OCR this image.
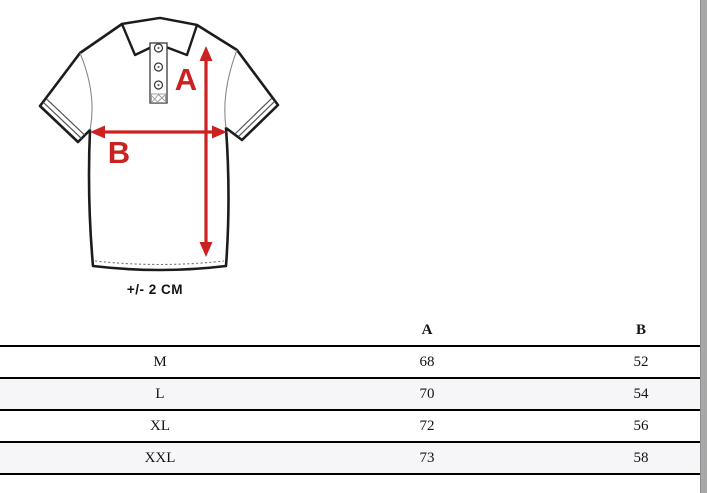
A
B
+/- 2 CM
	A	B
M	68	52
L	70	54
XL	72	56
XXL	73	58
